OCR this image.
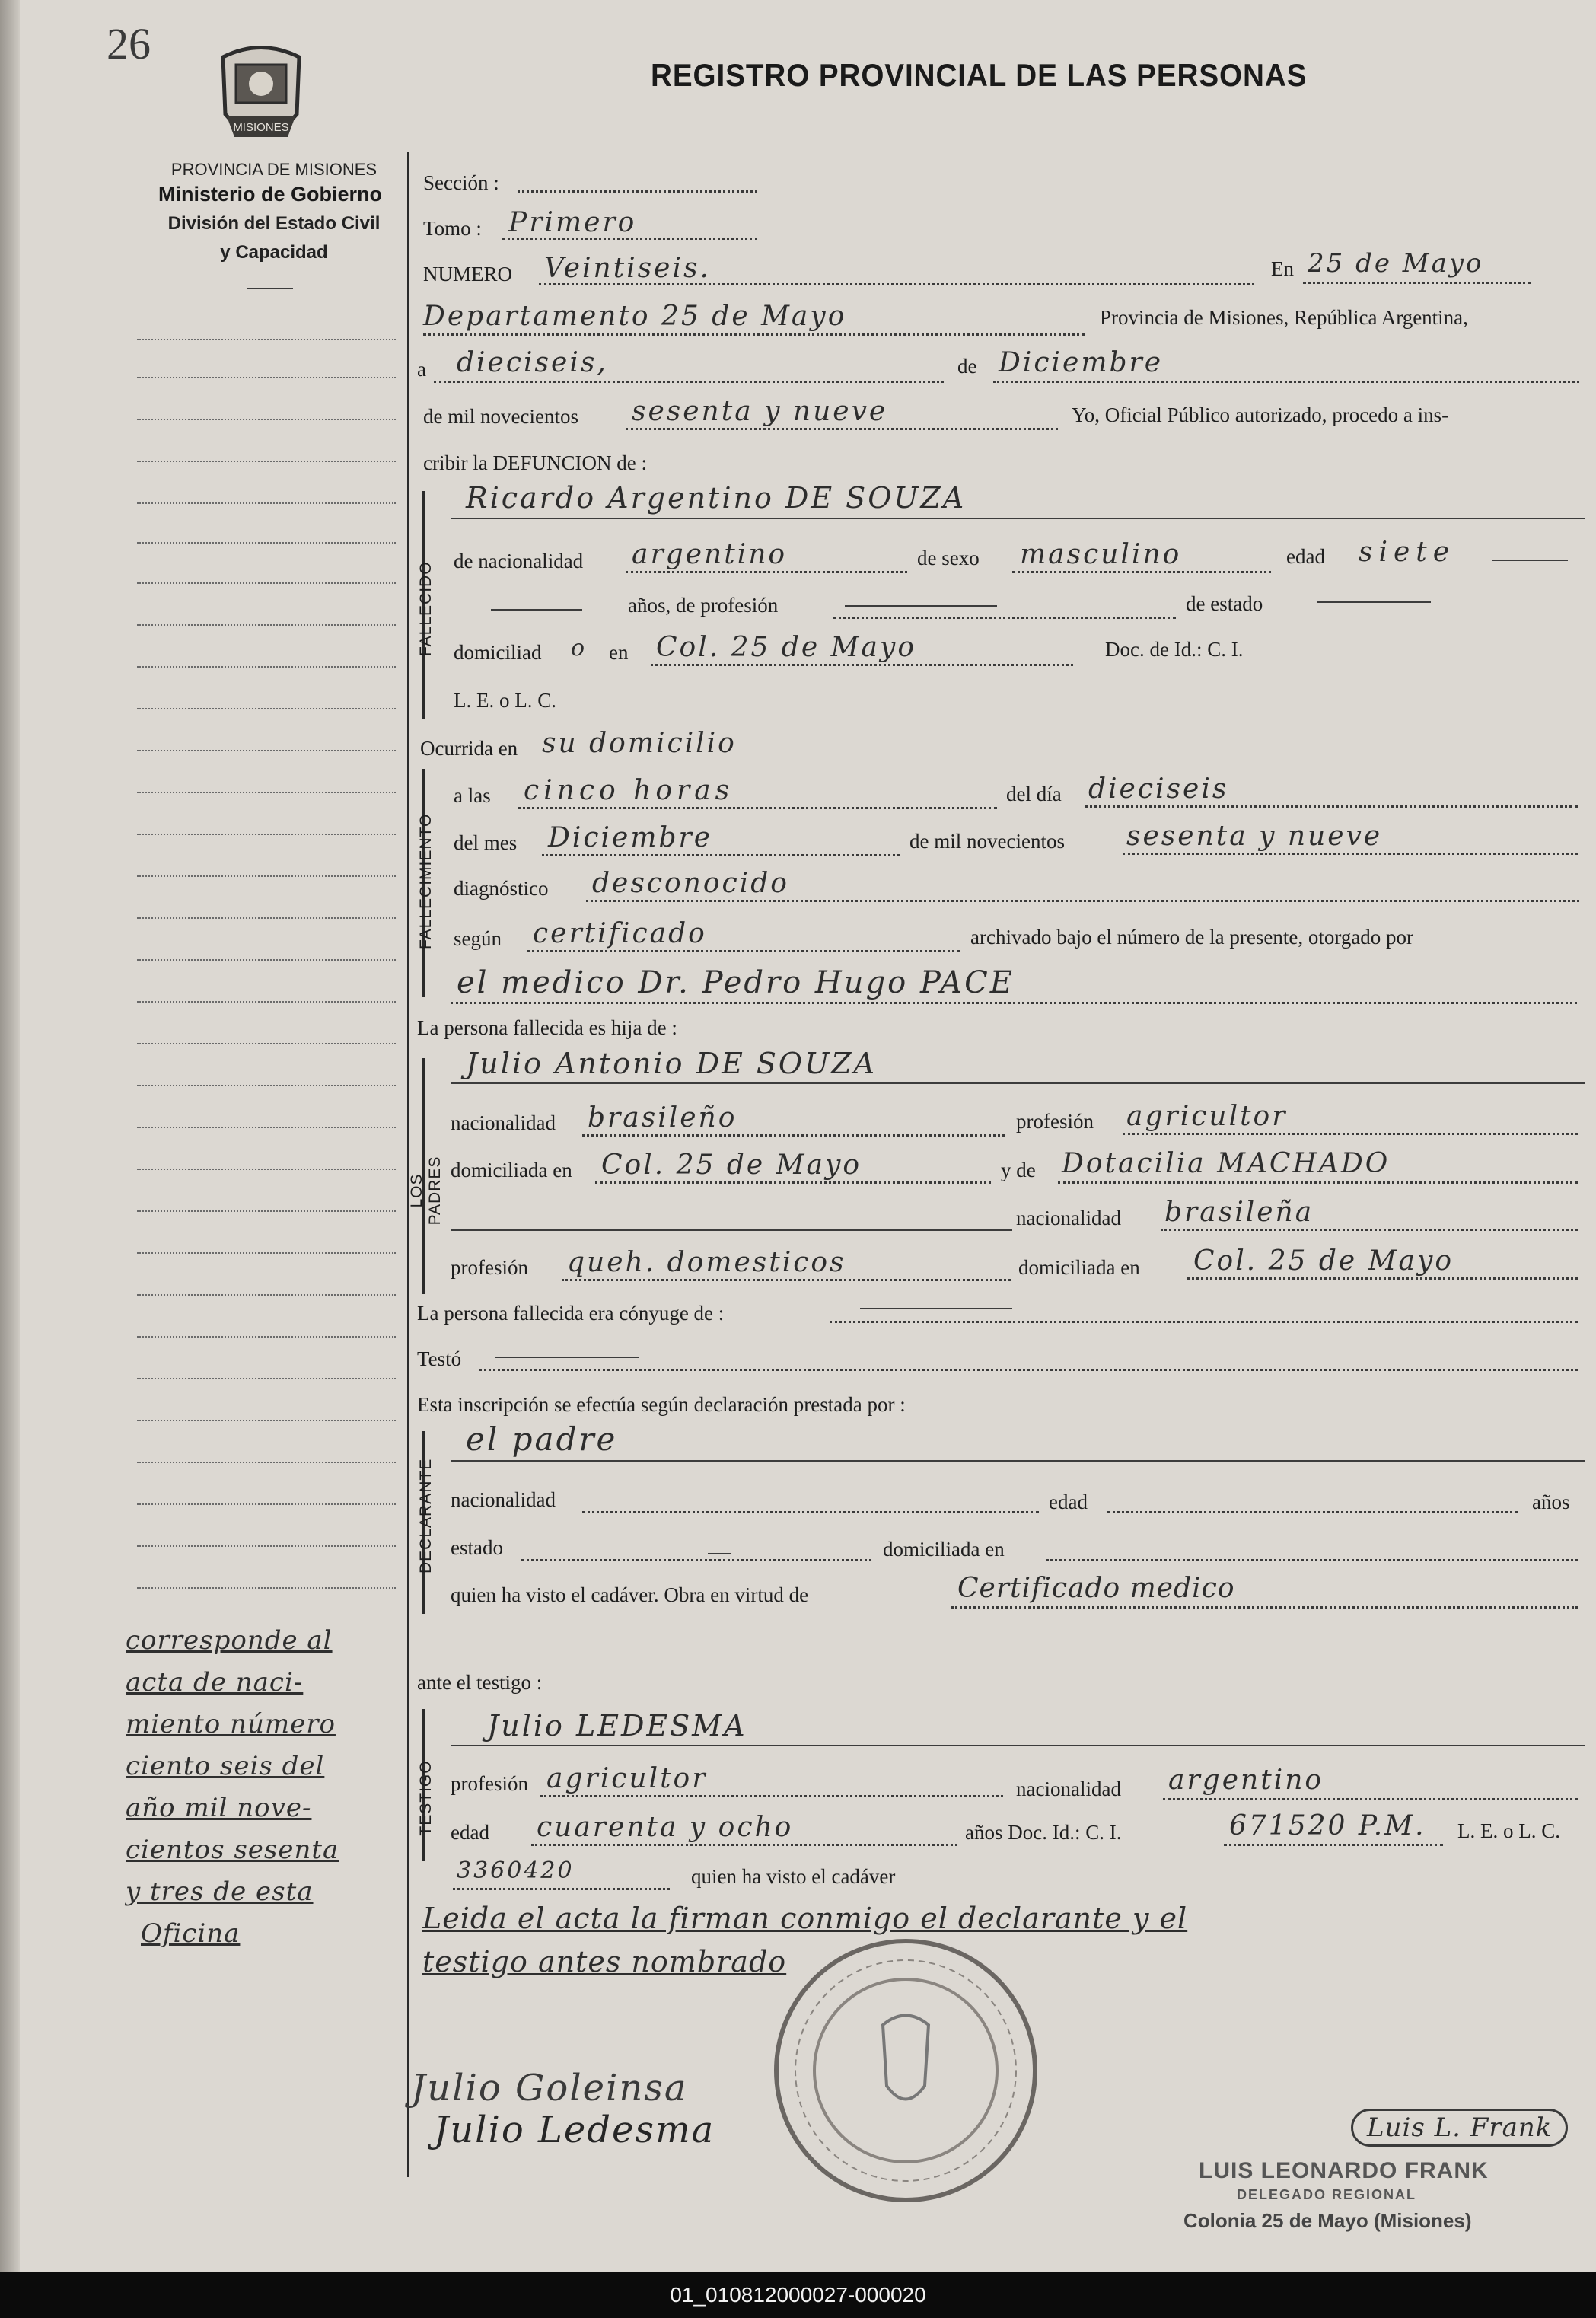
26
MISIONES
REGISTRO PROVINCIAL DE LAS PERSONAS
PROVINCIA DE MISIONES
Ministerio de Gobierno
División del Estado Civil
y Capacidad
corresponde al
acta de naci-
miento número
ciento seis del
año mil nove-
cientos sesenta
y tres de esta
Oficina
Sección :
Tomo : Primero
NUMERO Veintiseis.	En 25 de Mayo
Departamento 25 de Mayo	Provincia de Misiones, República Argentina,
a dieciseis,	de Diciembre
de mil novecientos sesenta y nueve	Yo, Oficial Público autorizado, procedo a ins-
cribir la DEFUNCION de :
FALLECIDO
Ricardo Argentino DE SOUZA
de nacionalidad argentino	de sexo masculino	edad siete
años, de profesión	de estado
domiciliad o en Col. 25 de Mayo	Doc. de Id.: C. I.
L. E. o L. C.
Ocurrida en su domicilio
FALLECIMIENTO
a las cinco horas	del día dieciseis
del mes Diciembre	de mil novecientos sesenta y nueve
diagnóstico desconocido
según certificado	archivado bajo el número de la presente, otorgado por
el medico Dr. Pedro Hugo PACE
La persona fallecida es hija de :
LOS PADRES
Julio Antonio DE SOUZA
nacionalidad brasileño	profesión agricultor
domiciliada en Col. 25 de Mayo	y de Dotacilia MACHADO
nacionalidad brasileña
profesión queh. domesticos	domiciliada en Col. 25 de Mayo
La persona fallecida era cónyuge de :
Testó
Esta inscripción se efectúa según declaración prestada por :
DECLARANTE
el padre
nacionalidad	edad	años
estado	domiciliada en
quien ha visto el cadáver. Obra en virtud de	Certificado medico
ante el testigo :
TESTIGO
Julio LEDESMA
profesión agricultor	nacionalidad argentino
edad cuarenta y ocho	años Doc. Id.: C. I.	671520 P.M. L. E. o L. C.
3360420	quien ha visto el cadáver
Leida el acta la firman conmigo el declarante y el
testigo antes nombrado
Julio Goleinsa
Julio Ledesma	Luis L. Frank
LUIS LEONARDO FRANK
DELEGADO REGIONAL
Colonia 25 de Mayo (Misiones)
01_010812000027-000020
